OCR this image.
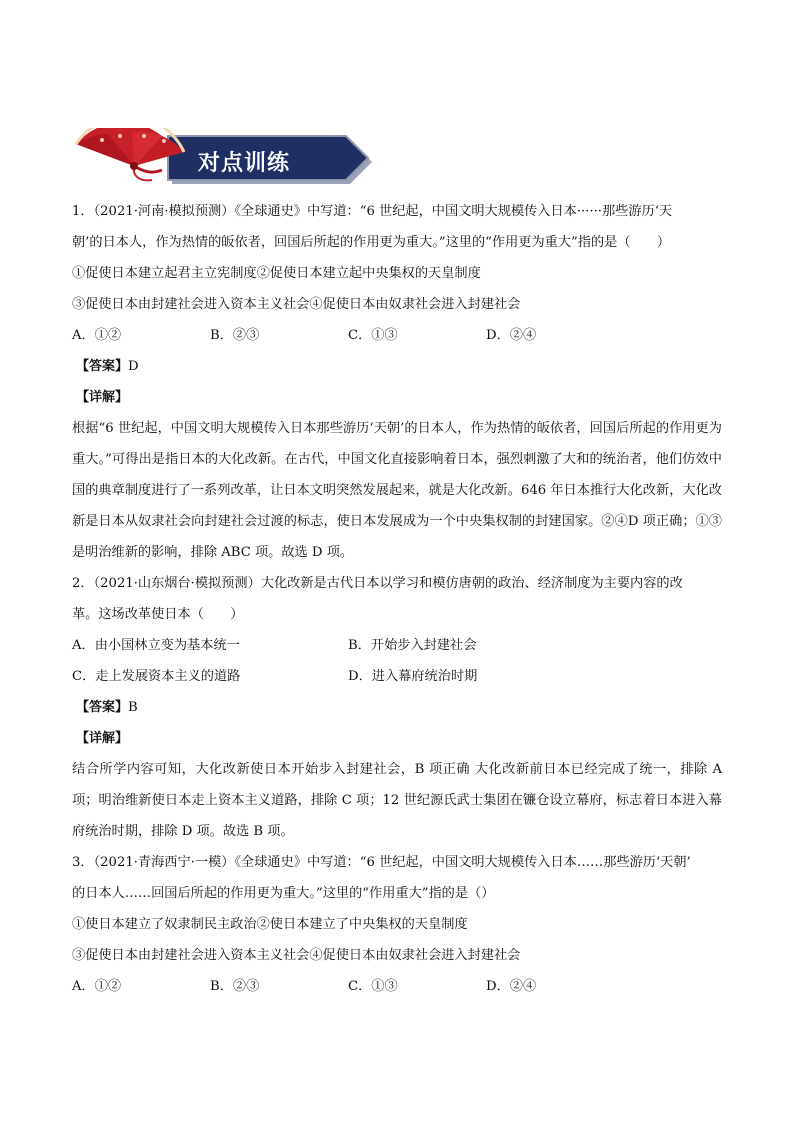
对点训练

1．（2021·河南·模拟预测）《全球通史》中写道：“6 世纪起，中国文明大规模传入日本······那些游历‘天

朝’的日本人，作为热情的皈依者，回国后所起的作用更为重大。”这里的“作用更为重大”指的是（　　）

①促使日本建立起君主立宪制度②促使日本建立起中央集权的天皇制度

③促使日本由封建社会进入资本主义社会④促使日本由奴隶社会进入封建社会

A．①②	B．②③	C．①③	D．②④
【答案】D
【详解】

根据“6 世纪起，中国文明大规模传入日本那些游历‘天朝’的日本人，作为热情的皈依者，回国后所起的作用更为重大。”可得出是指日本的大化改新。在古代，中国文化直接影响着日本，强烈刺激了大和的统治者，他们仿效中国的典章制度进行了一系列改革，让日本文明突然发展起来，就是大化改新。646 年日本推行大化改新，大化改新是日本从奴隶社会向封建社会过渡的标志，使日本发展成为一个中央集权制的封建国家。②④D 项正确；①③是明治维新的影响，排除 ABC 项。故选 D 项。

2．（2021·山东烟台·模拟预测）大化改新是古代日本以学习和模仿唐朝的政治、经济制度为主要内容的改

革。这场改革使日本（　　）

A．由小国林立变为基本统一	B．开始步入封建社会
C．走上发展资本主义的道路	D．进入幕府统治时期
【答案】B
【详解】

结合所学内容可知，大化改新使日本开始步入封建社会，B 项正确 大化改新前日本已经完成了统一，排除 A 项；明治维新使日本走上资本主义道路，排除 C 项；12 世纪源氏武士集团在镰仓设立幕府，标志着日本进入幕府统治时期，排除 D 项。故选 B 项。

3．（2021·青海西宁·一模）《全球通史》中写道：“6 世纪起，中国文明大规模传入日本……那些游历‘天朝’

的日本人……回国后所起的作用更为重大。”这里的“作用重大”指的是（）

①使日本建立了奴隶制民主政治②使日本建立了中央集权的天皇制度

③促使日本由封建社会进入资本主义社会④促使日本由奴隶社会进入封建社会

A．①②	B．②③	C．①③	D．②④
